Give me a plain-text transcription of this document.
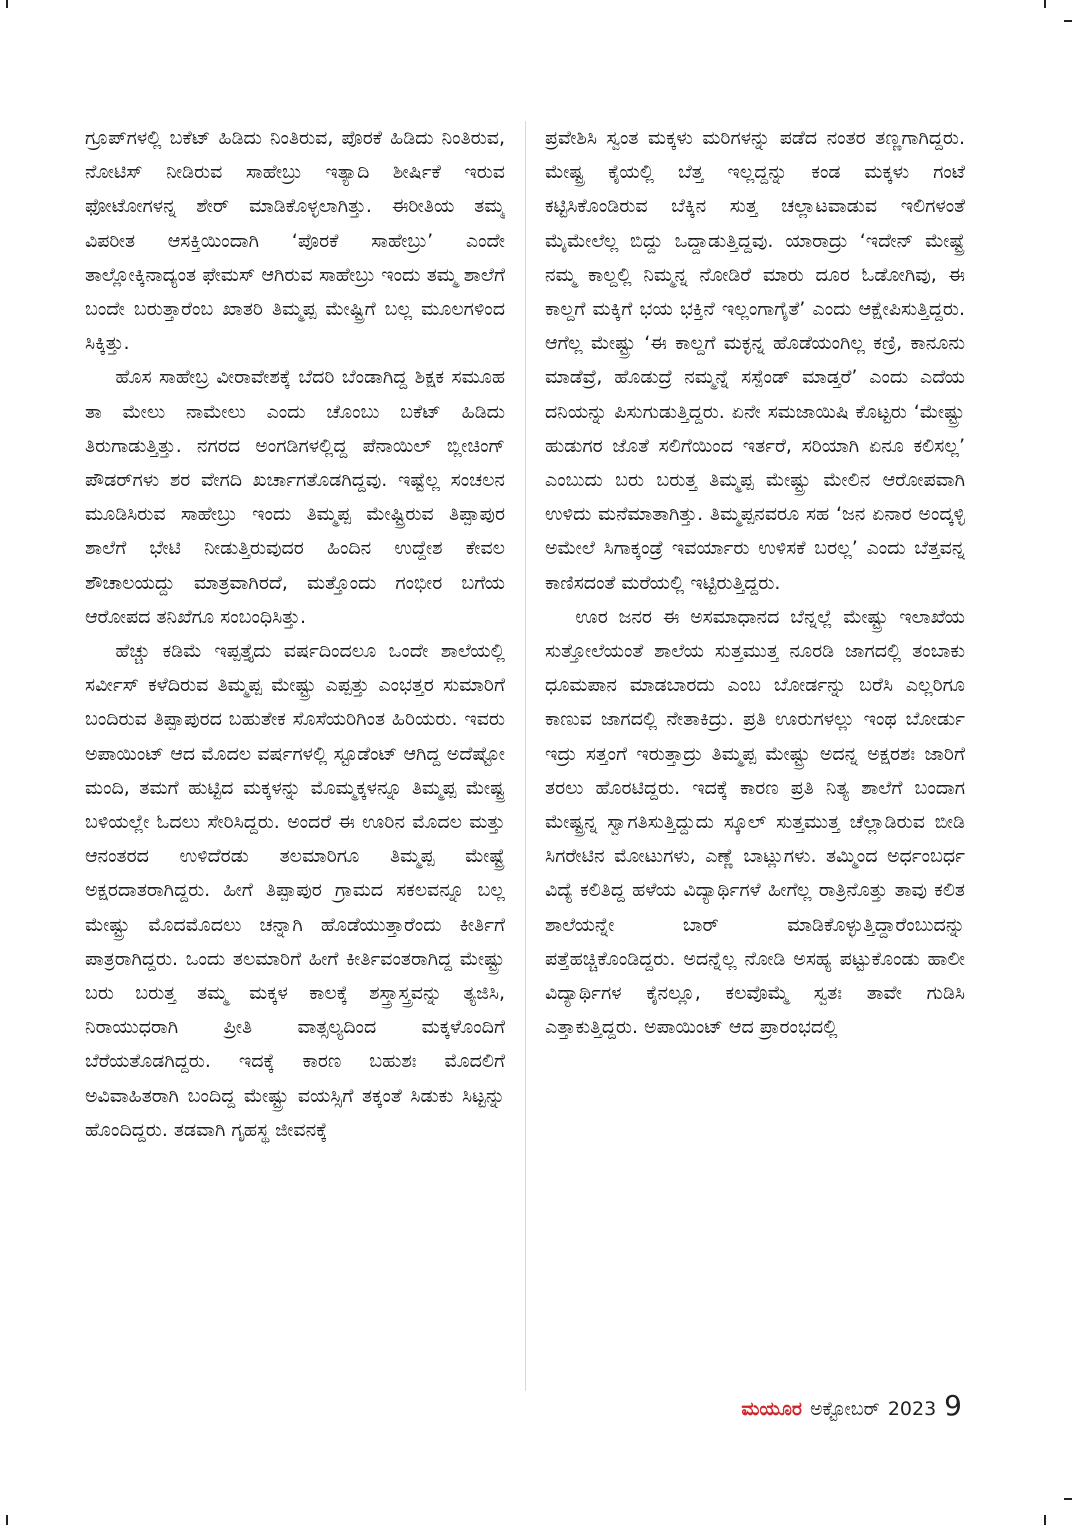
ಗ್ರೂಪ್‌ಗಳಲ್ಲಿ ಬಕೆಟ್ ಹಿಡಿದು ನಿಂತಿರುವ, ಪೊರಕೆ ಹಿಡಿದು ನಿಂತಿರುವ, ನೋಟಿಸ್ ನೀಡಿರುವ ಸಾಹೇಬ್ರು ಇತ್ಯಾದಿ ಶೀರ್ಷಿಕೆ ಇರುವ ಫೋಟೋಗಳನ್ನ ಶೇರ್ ಮಾಡಿಕೊಳ್ಳಲಾಗಿತ್ತು. ಈರೀತಿಯ ತಮ್ಮ ವಿಪರೀತ ಆಸಕ್ತಿಯಿಂದಾಗಿ ‘ಪೊರಕೆ ಸಾಹೇಬ್ರು’ ಎಂದೇ ತಾಲ್ಲೋಕ್ಕಿನಾದ್ಯಂತ ಫೇಮಸ್ ಆಗಿರುವ ಸಾಹೇಬ್ರು ಇಂದು ತಮ್ಮ ಶಾಲೆಗೆ ಬಂದೇ ಬರುತ್ತಾರೆಂಬ ಖಾತರಿ ತಿಮ್ಮಪ್ಪ ಮೇಷ್ಟ್ರಿಗೆ ಬಲ್ಲ ಮೂಲಗಳಿಂದ ಸಿಕ್ಕಿತ್ತು.

ಹೊಸ ಸಾಹೇಬ್ರ ವೀರಾವೇಶಕ್ಕೆ ಬೆದರಿ ಬೆಂಡಾಗಿದ್ದ ಶಿಕ್ಷಕ ಸಮೂಹ ತಾ ಮೇಲು ನಾಮೇಲು ಎಂದು ಚೊಂಬು ಬಕೆಟ್ ಹಿಡಿದು ತಿರುಗಾಡುತ್ತಿತ್ತು. ನಗರದ ಅಂಗಡಿಗಳಲ್ಲಿದ್ದ ಪೆನಾಯಿಲ್ ಬ್ಲೀಚಿಂಗ್ ಪೌಡರ್‌ಗಳು ಶರ ವೇಗದಿ ಖರ್ಚಾಗತೊಡಗಿದ್ದವು. ಇಷ್ಟೆಲ್ಲ ಸಂಚಲನ ಮೂಡಿಸಿರುವ ಸಾಹೇಬ್ರು ಇಂದು ತಿಮ್ಮಪ್ಪ ಮೇಷ್ಟ್ರಿರುವ ತಿಪ್ಪಾಪುರ ಶಾಲೆಗೆ ಭೇಟಿ ನೀಡುತ್ತಿರುವುದರ ಹಿಂದಿನ ಉದ್ದೇಶ ಕೇವಲ ಶೌಚಾಲಯದ್ದು ಮಾತ್ರವಾಗಿರದೆ, ಮತ್ತೊಂದು ಗಂಭೀರ ಬಗೆಯ ಆರೋಪದ ತನಿಖೆಗೂ ಸಂಬಂಧಿಸಿತ್ತು.

ಹೆಚ್ಚು ಕಡಿಮೆ ಇಪ್ಪತ್ತೈದು ವರ್ಷದಿಂದಲೂ ಒಂದೇ ಶಾಲೆಯಲ್ಲಿ ಸರ್ವೀಸ್ ಕಳೆದಿರುವ ತಿಮ್ಮಪ್ಪ ಮೇಷ್ಟ್ರು ಎಪ್ಪತ್ತು ಎಂಭತ್ತರ ಸುಮಾರಿಗೆ ಬಂದಿರುವ ತಿಪ್ಪಾಪುರದ ಬಹುತೇಕ ಸೊಸೆಯರಿಗಿಂತ ಹಿರಿಯರು. ಇವರು ಅಪಾಯಿಂಟ್ ಆದ ಮೊದಲ ವರ್ಷಗಳಲ್ಲಿ ಸ್ಟೂಡೆಂಟ್ ಆಗಿದ್ದ ಅದೆಷ್ಟೋ ಮಂದಿ, ತಮಗೆ ಹುಟ್ಟಿದ ಮಕ್ಕಳನ್ನು ಮೊಮ್ಮಕ್ಕಳನ್ನೂ ತಿಮ್ಮಪ್ಪ ಮೇಷ್ಟ್ರ ಬಳಿಯಲ್ಲೇ ಓದಲು ಸೇರಿಸಿದ್ದರು. ಅಂದರೆ ಈ ಊರಿನ ಮೊದಲ ಮತ್ತು ಆನಂತರದ ಉಳಿದೆರಡು ತಲಮಾರಿಗೂ ತಿಮ್ಮಪ್ಪ ಮೇಷ್ಟ್ರೆ ಅಕ್ಷರದಾತರಾಗಿದ್ದರು. ಹೀಗೆ ತಿಪ್ಪಾಪುರ ಗ್ರಾಮದ ಸಕಲವನ್ನೂ ಬಲ್ಲ ಮೇಷ್ಟ್ರು ಮೊದಮೊದಲು ಚನ್ನಾಗಿ ಹೊಡೆಯುತ್ತಾರೆಂದು ಕೀರ್ತಿಗೆ ಪಾತ್ರರಾಗಿದ್ದರು. ಒಂದು ತಲಮಾರಿಗೆ ಹೀಗೆ ಕೀರ್ತಿವಂತರಾಗಿದ್ದ ಮೇಷ್ಟ್ರು ಬರು ಬರುತ್ತ ತಮ್ಮ ಮಕ್ಕಳ ಕಾಲಕ್ಕೆ ಶಸ್ತ್ರಾಸ್ತ್ರವನ್ನು ತ್ಯಜಿಸಿ, ನಿರಾಯುಧರಾಗಿ ಪ್ರೀತಿ ವಾತ್ಸಲ್ಯದಿಂದ ಮಕ್ಕಳೊಂದಿಗೆ ಬೆರೆಯತೊಡಗಿದ್ದರು. ಇದಕ್ಕೆ ಕಾರಣ ಬಹುಶಃ ಮೊದಲಿಗೆ ಅವಿವಾಹಿತರಾಗಿ ಬಂದಿದ್ದ ಮೇಷ್ಟ್ರು ವಯಸ್ಸಿಗೆ ತಕ್ಕಂತೆ ಸಿಡುಕು ಸಿಟ್ಟನ್ನು ಹೊಂದಿದ್ದರು. ತಡವಾಗಿ ಗೃಹಸ್ಥ ಜೀವನಕ್ಕೆ

ಪ್ರವೇಶಿಸಿ ಸ್ವಂತ ಮಕ್ಕಳು ಮರಿಗಳನ್ನು ಪಡೆದ ನಂತರ ತಣ್ಣಗಾಗಿದ್ದರು. ಮೇಷ್ಟ್ರ ಕೈಯಲ್ಲಿ ಬೆತ್ತ ಇಲ್ಲದ್ದನ್ನು ಕಂಡ ಮಕ್ಕಳು ಗಂಟೆ ಕಟ್ಟಿಸಿಕೊಂಡಿರುವ ಬೆಕ್ಕಿನ ಸುತ್ತ ಚಲ್ಲಾಟವಾಡುವ ಇಲಿಗಳಂತೆ ಮೈಮೇಲೆಲ್ಲ ಬಿದ್ದು ಒದ್ದಾಡುತ್ತಿದ್ದವು. ಯಾರಾದ್ರು ‘ಇದೇನ್ ಮೇಷ್ಟ್ರೆ ನಮ್ಮ ಕಾಲ್ದಲ್ಲಿ ನಿಮ್ಮನ್ನ ನೋಡಿರೆ ಮಾರು ದೂರ ಓಡೋಗಿವು, ಈ ಕಾಲ್ದಗೆ ಮಕ್ಕಿಗೆ ಭಯ ಭಕ್ತಿನೆ ಇಲ್ಲಂಗಾಗೈತೆ’ ಎಂದು ಆಕ್ಷೇಪಿಸುತ್ತಿದ್ದರು. ಆಗೆಲ್ಲ ಮೇಷ್ಟ್ರು ‘ಈ ಕಾಲ್ದಗೆ ಮಕ್ಳನ್ನ ಹೊಡೆಯಂಗಿಲ್ಲ ಕಣ್ರಿ, ಕಾನೂನು ಮಾಡೆವ್ರೆ, ಹೊಡುದ್ರೆ ನಮ್ಮನ್ನೆ ಸಸ್ಪೆಂಡ್ ಮಾಡ್ತರೆ’ ಎಂದು ಎದೆಯ ದನಿಯನ್ನು ಪಿಸುಗುಡುತ್ತಿದ್ದರು. ಏನೇ ಸಮಜಾಯಿಷಿ ಕೊಟ್ಟರು ‘ಮೇಷ್ಟ್ರು ಹುಡುಗರ ಜೊತೆ ಸಲಿಗೆಯಿಂದ ಇರ್ತರೆ, ಸರಿಯಾಗಿ ಏನೂ ಕಲಿಸಲ್ಲ’ ಎಂಬುದು ಬರು ಬರುತ್ತ ತಿಮ್ಮಪ್ಪ ಮೇಷ್ಟ್ರು ಮೇಲಿನ ಆರೋಪವಾಗಿ ಉಳಿದು ಮನೆಮಾತಾಗಿತ್ತು. ತಿಮ್ಮಪ್ಪನವರೂ ಸಹ ‘ಜನ ಏನಾರ ಅಂದ್ಕಳ್ಳಿ ಅಮೇಲೆ ಸಿಗಾಕ್ಕಂಡ್ರೆ ಇವರ್ಯಾರು ಉಳಿಸಕೆ ಬರಲ್ಲ’ ಎಂದು ಬೆತ್ತವನ್ನ ಕಾಣಿಸದಂತೆ ಮರೆಯಲ್ಲಿ ಇಟ್ಟಿರುತ್ತಿದ್ದರು.

ಊರ ಜನರ ಈ ಅಸಮಾಧಾನದ ಬೆನ್ನಲ್ಲೆ ಮೇಷ್ಟ್ರು ಇಲಾಖೆಯ ಸುತ್ತೋಲೆಯಂತೆ ಶಾಲೆಯ ಸುತ್ತಮುತ್ತ ನೂರಡಿ ಜಾಗದಲ್ಲಿ ತಂಬಾಕು ಧೂಮಪಾನ ಮಾಡಬಾರದು ಎಂಬ ಬೋರ್ಡನ್ನು ಬರೆಸಿ ಎಲ್ಲರಿಗೂ ಕಾಣುವ ಜಾಗದಲ್ಲಿ ನೇತಾಕಿದ್ರು. ಪ್ರತಿ ಊರುಗಳಲ್ಲು ಇಂಥ ಬೋರ್ಡು ಇದ್ರು ಸತ್ತಂಗೆ ಇರುತ್ತಾದ್ರು ತಿಮ್ಮಪ್ಪ ಮೇಷ್ಟ್ರು ಅದನ್ನ ಅಕ್ಷರಶಃ ಜಾರಿಗೆ ತರಲು ಹೊರಟಿದ್ದರು. ಇದಕ್ಕೆ ಕಾರಣ ಪ್ರತಿ ನಿತ್ಯ ಶಾಲೆಗೆ ಬಂದಾಗ ಮೇಷ್ಟ್ರನ್ನ ಸ್ವಾಗತಿಸುತ್ತಿದ್ದುದು ಸ್ಕೂಲ್ ಸುತ್ತಮುತ್ತ ಚೆಲ್ಲಾಡಿರುವ ಬೀಡಿ ಸಿಗರೇಟಿನ ಮೋಟುಗಳು, ಎಣ್ಣೆ ಬಾಟ್ಲುಗಳು. ತಮ್ಮಿಂದ ಅರ್ಧಂಬರ್ಧ ವಿದ್ಯೆ ಕಲಿತಿದ್ದ ಹಳೆಯ ವಿದ್ಯಾರ್ಥಿಗಳೆ ಹೀಗೆಲ್ಲ ರಾತ್ರಿನೊತ್ತು ತಾವು ಕಲಿತ ಶಾಲೆಯನ್ನೇ ಬಾರ್ ಮಾಡಿಕೊಳ್ಳುತ್ತಿದ್ದಾರೆಂಬುದನ್ನು ಪತ್ತೆಹಚ್ಚಿಕೊಂಡಿದ್ದರು. ಅದನ್ನೆಲ್ಲ ನೋಡಿ ಅಸಹ್ಯ ಪಟ್ಟುಕೊಂಡು ಹಾಲೀ ವಿದ್ಯಾರ್ಥಿಗಳ ಕೈನಲ್ಲೂ, ಕಲವೊಮ್ಮೆ ಸ್ವತಃ ತಾವೇ ಗುಡಿಸಿ ಎತ್ತಾಕುತ್ತಿದ್ದರು. ಅಪಾಯಿಂಟ್ ಆದ ಪ್ರಾರಂಭದಲ್ಲಿ

ಮಯೂರ ಅಕ್ಟೋಬರ್ 2023 9
